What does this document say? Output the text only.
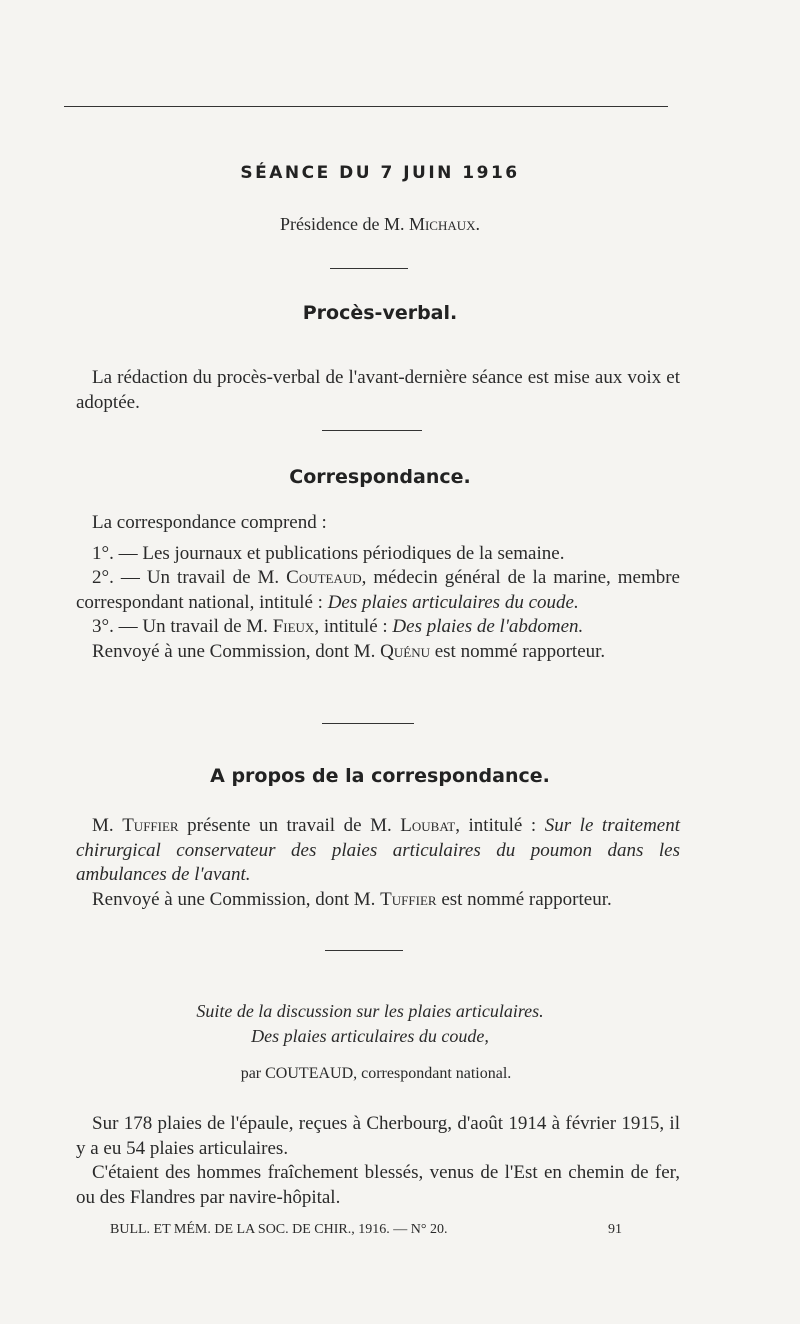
SÉANCE DU 7 JUIN 1916
Présidence de M. Michaux.
Procès-verbal.

La rédaction du procès-verbal de l'avant-dernière séance est mise aux voix et adoptée.

Correspondance.

La correspondance comprend :

1°. — Les journaux et publications périodiques de la semaine.

2°. — Un travail de M. Couteaud, médecin général de la marine, membre correspondant national, intitulé : Des plaies articulaires du coude.

3°. — Un travail de M. Fieux, intitulé : Des plaies de l'abdomen.

Renvoyé à une Commission, dont M. Quénu est nommé rapporteur.

A propos de la correspondance.

M. Tuffier présente un travail de M. Loubat, intitulé : Sur le traitement chirurgical conservateur des plaies articulaires du poumon dans les ambulances de l'avant.

Renvoyé à une Commission, dont M. Tuffier est nommé rapporteur.

Suite de la discussion sur les plaies articulaires.
Des plaies articulaires du coude,
par COUTEAUD, correspondant national.

Sur 178 plaies de l'épaule, reçues à Cherbourg, d'août 1914 à février 1915, il y a eu 54 plaies articulaires.

C'étaient des hommes fraîchement blessés, venus de l'Est en chemin de fer, ou des Flandres par navire-hôpital.

BULL. ET MÉM. DE LA SOC. DE CHIR., 1916. — N° 20.	91
